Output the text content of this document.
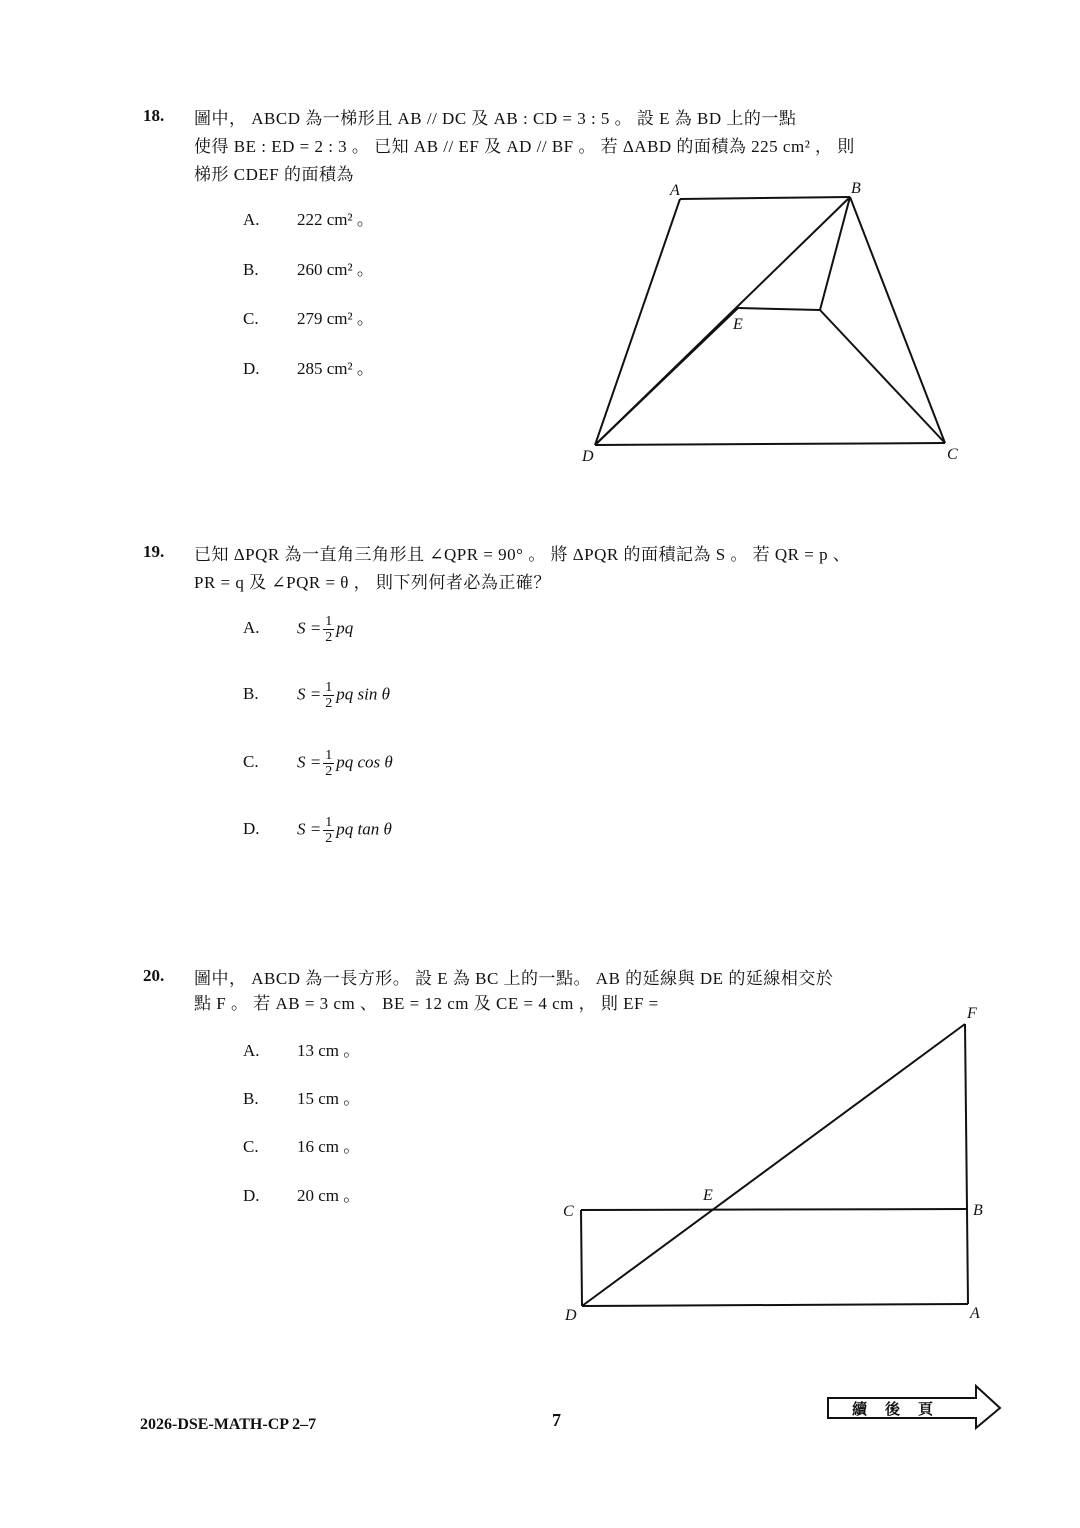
18. 圖中， ABCD 為一梯形且 AB // DC 及 AB : CD = 3 : 5 。 設 E 為 BD 上的一點
使得 BE : ED = 2 : 3 。 已知 AB // EF 及 AD // BF 。 若 ΔABD 的面積為 225 cm² ， 則
梯形 CDEF 的面積為
A. 222 cm² 。
B. 260 cm² 。
C. 279 cm² 。
D. 285 cm² 。
A	B
C
D
E
19. 已知 ΔPQR 為一直角三角形且 ∠QPR = 90° 。 將 ΔPQR 的面積記為 S 。 若 QR = p 、
PR = q 及 ∠PQR = θ ， 則下列何者必為正確？
A. $S = \frac{1}{2}$ pq
B. $S = \frac{1}{2}$ pq sin θ
C. $S = \frac{1}{2}$ pq cos θ
D. $S = \frac{1}{2}$ pq tan θ
20. 圖中， ABCD 為一長方形。 設 E 為 BC 上的一點。 AB 的延線與 DE 的延線相交於
點 F 。 若 AB = 3 cm 、 BE = 12 cm 及 CE = 4 cm ， 則 EF =
A. 13 cm 。
B. 15 cm 。
C. 16 cm 。
D. 20 cm 。
C	B
A
D
E
F
2026-DSE-MATH-CP 2–7	7
續後頁
